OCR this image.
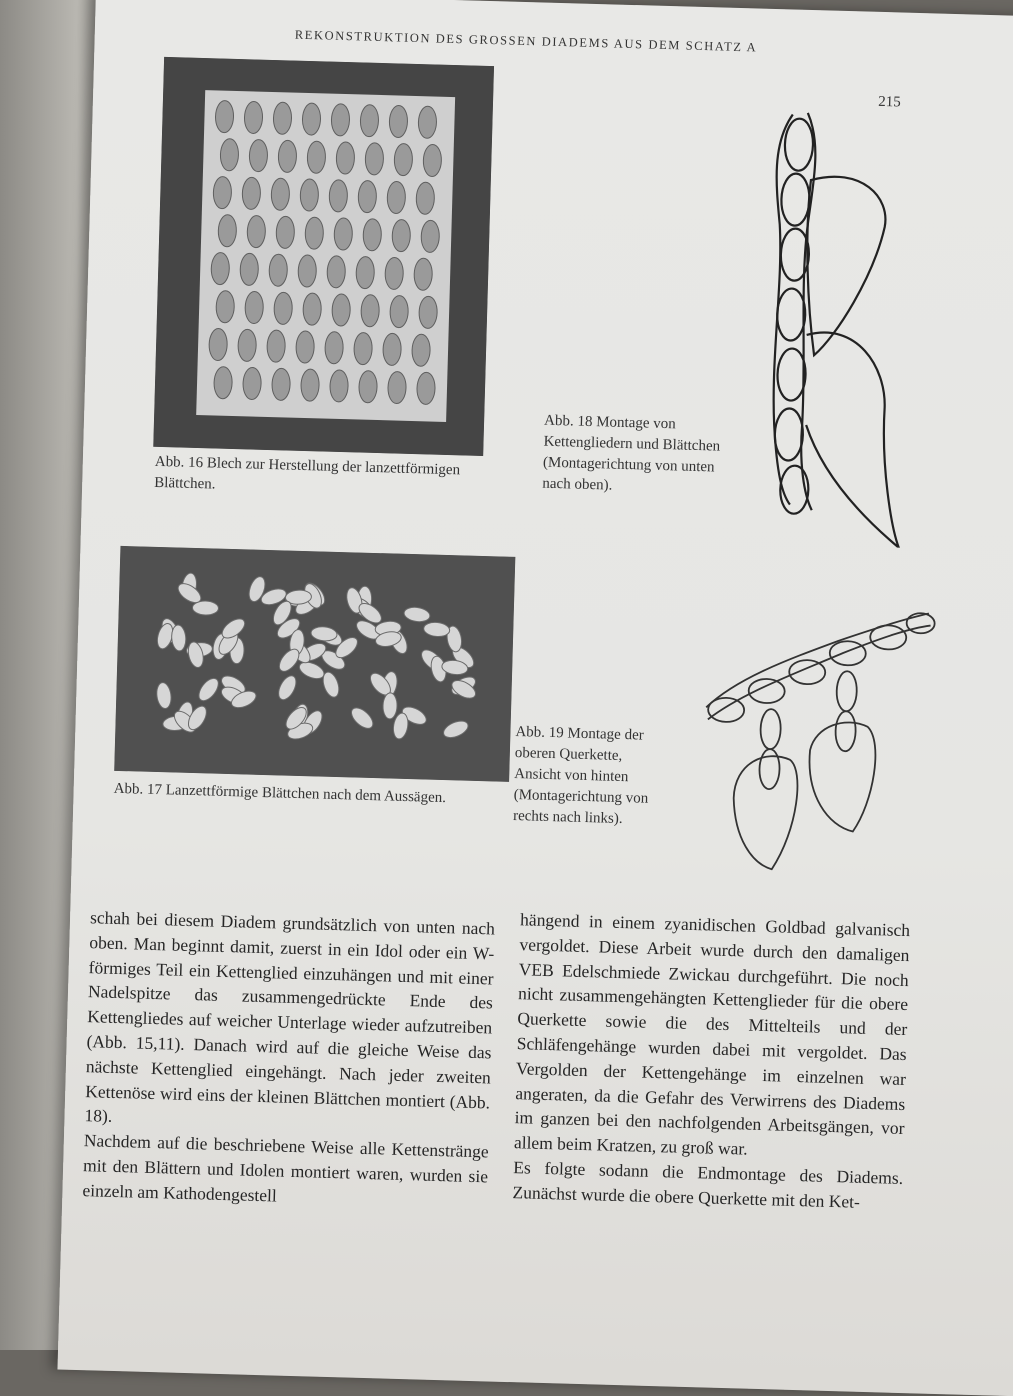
REKONSTRUKTION DES GROSSEN DIADEMS AUS DEM SCHATZ A
215
Abb. 16 Blech zur Herstellung der lanzettförmigen Blättchen.
Abb. 17 Lanzettförmige Blättchen nach dem Aussägen.
Abb. 18 Montage von Kettengliedern und Blättchen (Montagerichtung von unten nach oben).
Abb. 19 Montage der oberen Querkette, Ansicht von hinten (Montagerichtung von rechts nach links).

schah bei diesem Diadem grundsätzlich von unten nach oben. Man beginnt damit, zuerst in ein Idol oder ein W-förmiges Teil ein Kettenglied einzuhängen und mit einer Nadelspitze das zusammengedrückte Ende des Kettengliedes auf weicher Unterlage wieder aufzutreiben (Abb. 15,11). Danach wird auf die gleiche Weise das nächste Kettenglied eingehängt. Nach jeder zweiten Kettenöse wird eins der kleinen Blättchen montiert (Abb. 18).

Nachdem auf die beschriebene Weise alle Kettenstränge mit den Blättern und Idolen montiert waren, wurden sie einzeln am Kathodengestell

hängend in einem zyanidischen Goldbad galvanisch vergoldet. Diese Arbeit wurde durch den damaligen VEB Edelschmiede Zwickau durchgeführt. Die noch nicht zusammengehängten Kettenglieder für die obere Querkette sowie die des Mittelteils und der Schläfengehänge wurden dabei mit vergoldet. Das Vergolden der Kettengehänge im einzelnen war angeraten, da die Gefahr des Verwirrens des Diadems im ganzen bei den nachfolgenden Arbeitsgängen, vor allem beim Kratzen, zu groß war.

Es folgte sodann die Endmontage des Diadems. Zunächst wurde die obere Querkette mit den Ket-
